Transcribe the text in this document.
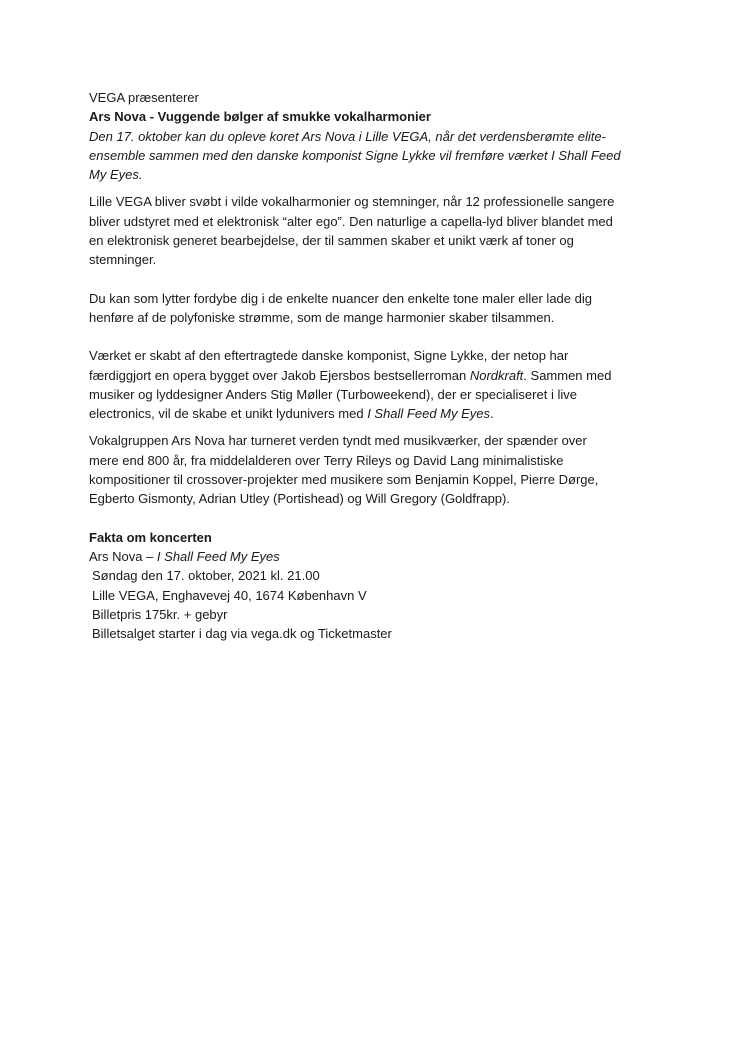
VEGA præsenterer
Ars Nova - Vuggende bølger af smukke vokalharmonier
Den 17. oktober kan du opleve koret Ars Nova i Lille VEGA, når det verdensberømte elite-
ensemble sammen med den danske komponist Signe Lykke vil fremføre værket I Shall Feed
My Eyes.
Lille VEGA bliver svøbt i vilde vokalharmonier og stemninger, når 12 professionelle sangere
bliver udstyret med et elektronisk “alter ego”. Den naturlige a capella-lyd bliver blandet med
en elektronisk generet bearbejdelse, der til sammen skaber et unikt værk af toner og
stemninger.
Du kan som lytter fordybe dig i de enkelte nuancer den enkelte tone maler eller lade dig
henføre af de polyfoniske strømme, som de mange harmonier skaber tilsammen.
Værket er skabt af den eftertragtede danske komponist, Signe Lykke, der netop har
færdiggjort en opera bygget over Jakob Ejersbos bestsellerroman Nordkraft. Sammen med
musiker og lyddesigner Anders Stig Møller (Turboweekend), der er specialiseret i live
electronics, vil de skabe et unikt lydunivers med I Shall Feed My Eyes.
Vokalgruppen Ars Nova har turneret verden tyndt med musikværker, der spænder over
mere end 800 år, fra middelalderen over Terry Rileys og David Lang minimalistiske
kompositioner til crossover-projekter med musikere som Benjamin Koppel, Pierre Dørge,
Egberto Gismonty, Adrian Utley (Portishead) og Will Gregory (Goldfrapp).
Fakta om koncerten
Ars Nova – I Shall Feed My Eyes
Søndag den 17. oktober, 2021 kl. 21.00
Lille VEGA, Enghavevej 40, 1674 København V
Billetpris 175kr. + gebyr
Billetsalget starter i dag via vega.dk og Ticketmaster
